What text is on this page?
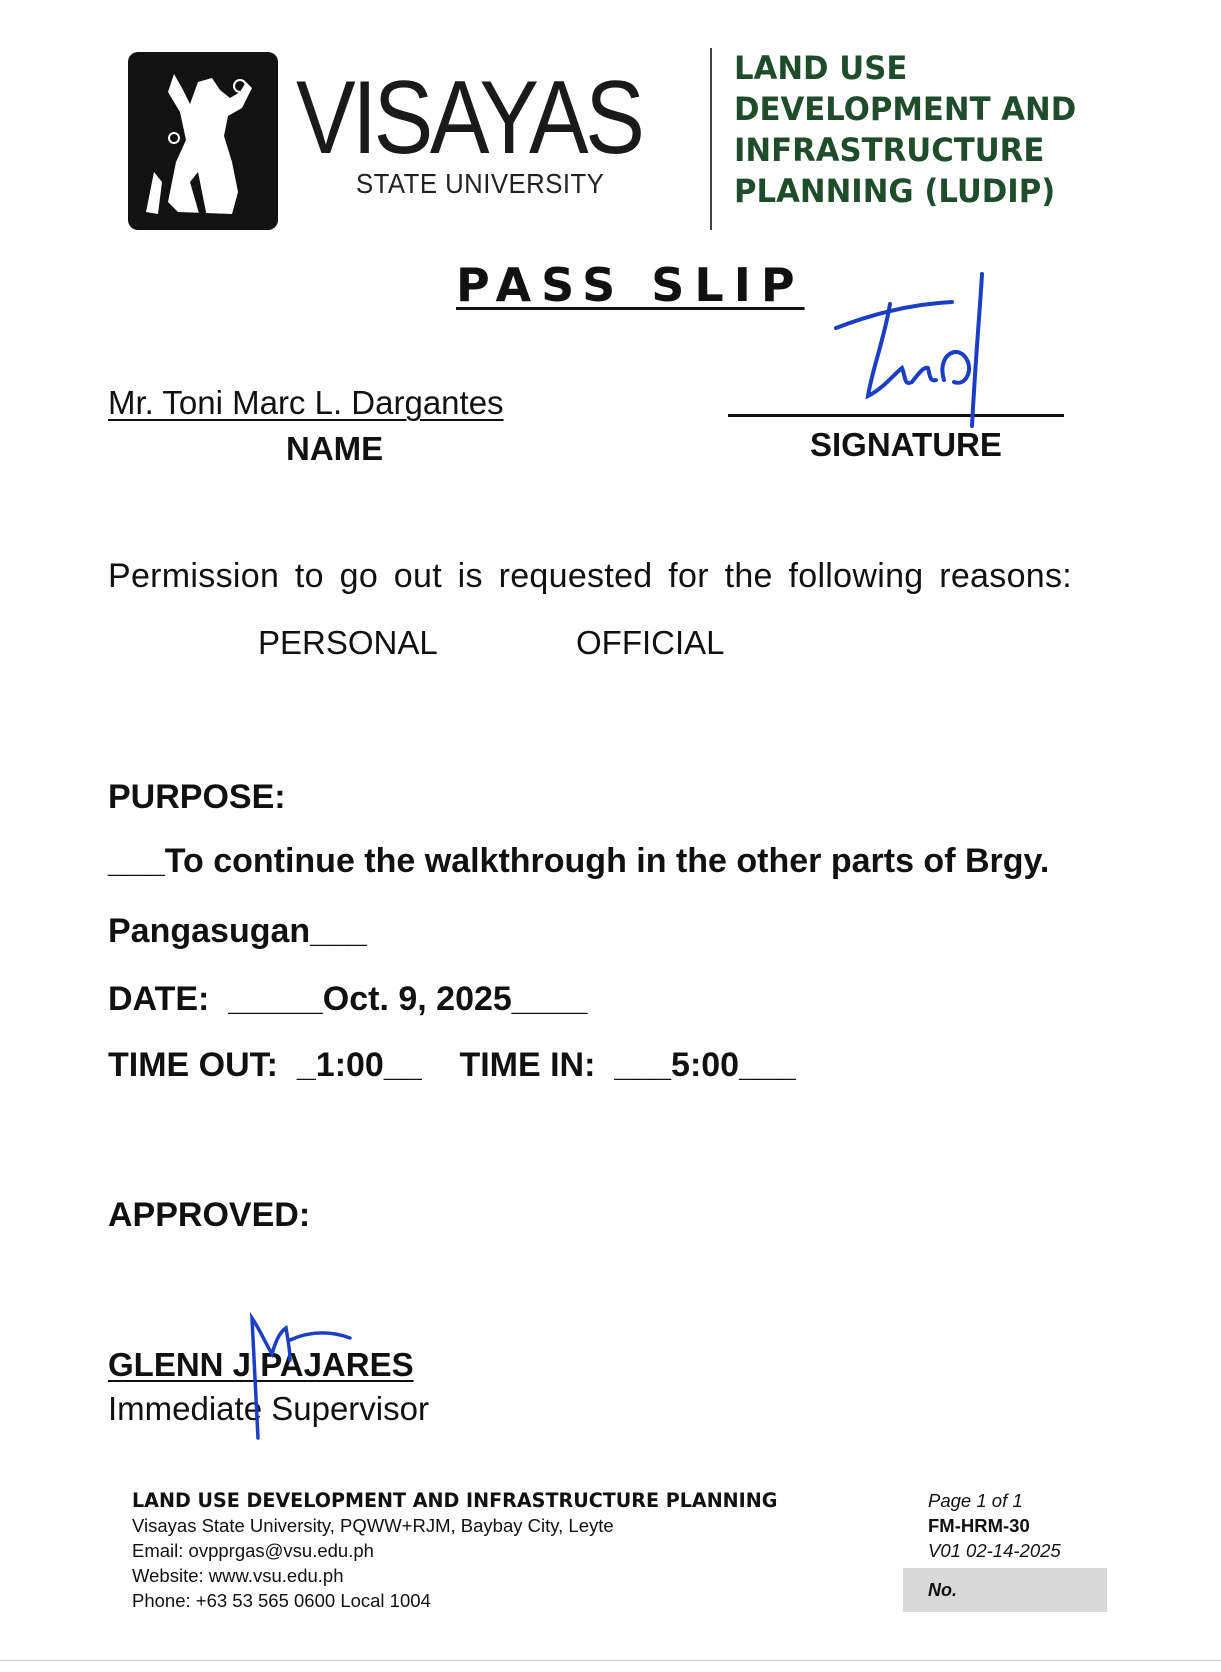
VISAYAS
STATE UNIVERSITY
LAND USE
DEVELOPMENT AND
INFRASTRUCTURE
PLANNING (LUDIP)
PASS SLIP
Mr. Toni Marc L. Dargantes
NAME	SIGNATURE
Permission to go out is requested for the following reasons:
PERSONAL	OFFICIAL
PURPOSE:
___To continue the walkthrough in the other parts of Brgy.
Pangasugan___
DATE:  _____Oct. 9, 2025____
TIME OUT:  _1:00__    TIME IN:  ___5:00___
APPROVED:
GLENN J PAJARES
Immediate Supervisor
LAND USE DEVELOPMENT AND INFRASTRUCTURE PLANNING
Visayas State University, PQWW+RJM, Baybay City, Leyte
Email: ovpprgas@vsu.edu.ph
Website: www.vsu.edu.ph
Phone: +63 53 565 0600 Local 1004
Page 1 of 1
FM-HRM-30
V01 02-14-2025
No.
